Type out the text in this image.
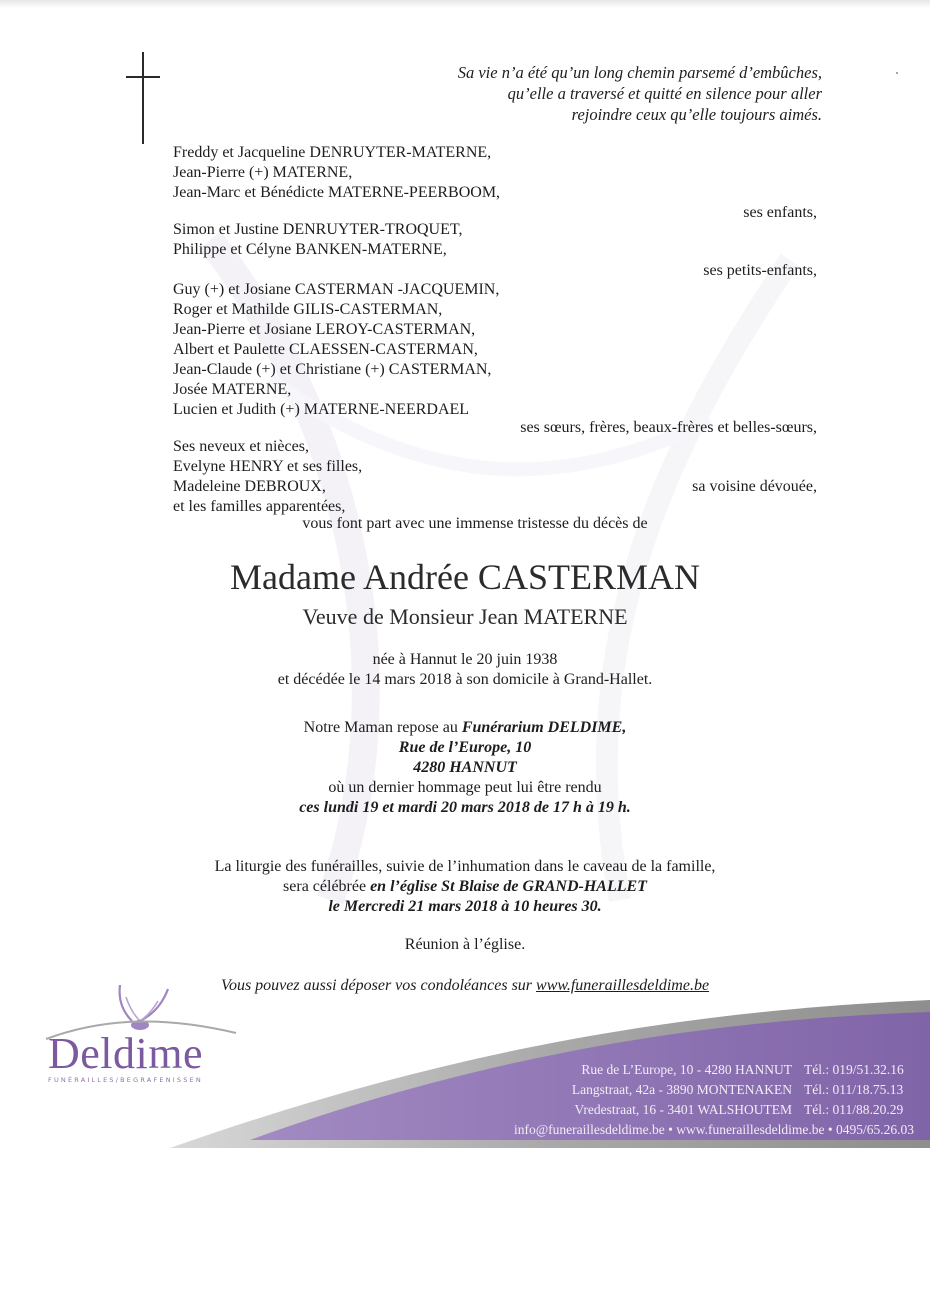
Sa vie n’a été qu’un long chemin parsemé d’embûches,
qu’elle a traversé et quitté en silence pour aller
rejoindre ceux qu’elle toujours aimés.
Freddy et Jacqueline DENRUYTER-MATERNE,
Jean-Pierre (+) MATERNE,
Jean-Marc et Bénédicte MATERNE-PEERBOOM,
ses enfants,
Simon et Justine DENRUYTER-TROQUET,
Philippe et Célyne BANKEN-MATERNE,
ses petits-enfants,
Guy (+) et Josiane CASTERMAN -JACQUEMIN,
Roger et Mathilde GILIS-CASTERMAN,
Jean-Pierre et Josiane LEROY-CASTERMAN,
Albert et Paulette CLAESSEN-CASTERMAN,
Jean-Claude (+) et Christiane (+) CASTERMAN,
Josée MATERNE,
Lucien et Judith (+) MATERNE-NEERDAEL
ses sœurs, frères, beaux-frères et belles-sœurs,
Ses neveux et nièces,
Evelyne HENRY et ses filles,
Madeleine DEBROUX,
et les familles apparentées,
sa voisine dévouée,
vous font part avec une immense tristesse du décès de
Madame Andrée CASTERMAN
Veuve de Monsieur Jean MATERNE
née à Hannut le 20 juin 1938
et décédée le 14 mars 2018 à son domicile à Grand-Hallet.
Notre Maman repose au Funérarium DELDIME,
Rue de l’Europe, 10
4280 HANNUT
où un dernier hommage peut lui être rendu
ces lundi 19 et mardi 20 mars 2018 de 17 h à 19 h.
La liturgie des funérailles, suivie de l’inhumation dans le caveau de la famille,
sera célébrée en l’église St Blaise de GRAND-HALLET
le Mercredi 21 mars 2018 à 10 heures 30.
Réunion à l’église.
Vous pouvez aussi déposer vos condoléances sur www.funeraillesdeldime.be
Rue de L’Europe, 10 - 4280 HANNUT Tél.: 019/51.32.16
Langstraat, 42a - 3890 MONTENAKEN Tél.: 011/18.75.13
Vredestraat, 16 - 3401 WALSHOUTEM Tél.: 011/88.20.29
info@funeraillesdeldime.be • www.funeraillesdeldime.be • 0495/65.26.03
Deldime
FUNÉRAILLES/BEGRAFENISSEN
